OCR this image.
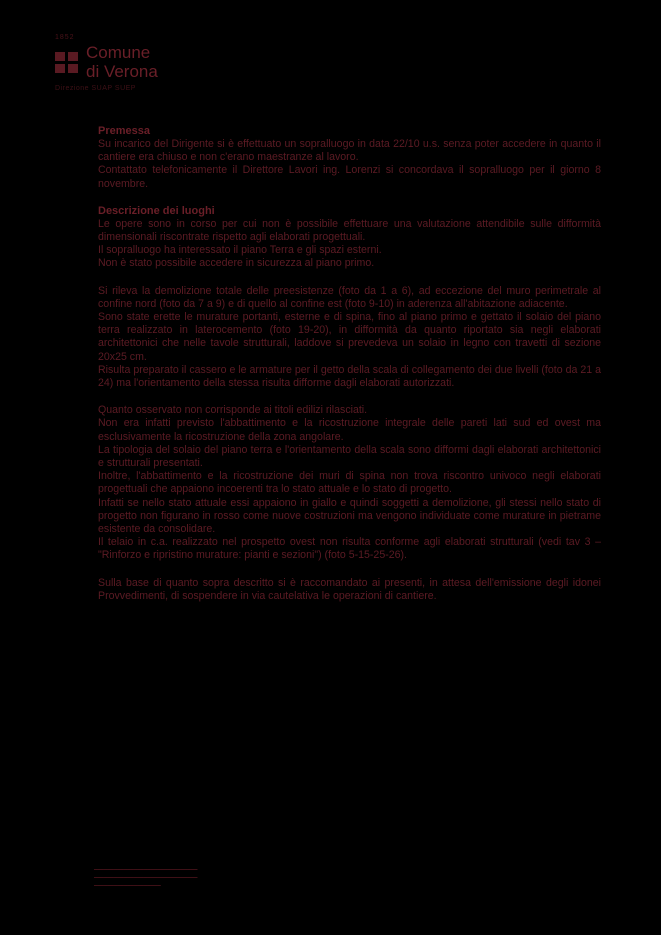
1852
Comune
di Verona
Direzione SUAP SUEP
Premessa

Su incarico del Dirigente si è effettuato un sopralluogo in data 22/10 u.s. senza poter accedere in quanto il cantiere era chiuso e non c'erano maestranze al lavoro.

Contattato telefonicamente il Direttore Lavori ing. Lorenzi si concordava il sopralluogo per il giorno 8 novembre.

Descrizione dei luoghi

Le opere sono in corso per cui non è possibile effettuare una valutazione attendibile sulle difformità dimensionali riscontrate rispetto agli elaborati progettuali.

Il sopralluogo ha interessato il piano Terra e gli spazi esterni.

Non è stato possibile accedere in sicurezza al piano primo.

Si rileva la demolizione totale delle preesistenze (foto da 1 a 6), ad eccezione del muro perimetrale al confine nord (foto da 7 a 9) e di quello al confine est (foto 9-10) in aderenza all'abitazione adiacente.

Sono state erette le murature portanti, esterne e di spina, fino al piano primo e gettato il solaio del piano terra realizzato in laterocemento (foto 19-20), in difformità da quanto riportato sia negli elaborati architettonici che nelle tavole strutturali, laddove si prevedeva un solaio in legno con travetti di sezione 20x25 cm.

Risulta preparato il cassero e le armature per il getto della scala di collegamento dei due livelli (foto da 21 a 24) ma l'orientamento della stessa risulta difforme dagli elaborati autorizzati.

Quanto osservato non corrisponde ai titoli edilizi rilasciati.

Non era infatti previsto l'abbattimento e la ricostruzione integrale delle pareti lati sud ed ovest ma esclusivamente la ricostruzione della zona angolare.

La tipologia del solaio del piano terra e l'orientamento della scala sono difformi dagli elaborati architettonici e strutturali presentati.

Inoltre, l'abbattimento e la ricostruzione dei muri di spina non trova riscontro univoco negli elaborati progettuali che appaiono incoerenti tra lo stato attuale e lo stato di progetto.

Infatti se nello stato attuale essi appaiono in giallo e quindi soggetti a demolizione, gli stessi nello stato di progetto non figurano in rosso come nuove costruzioni ma vengono individuate come murature in pietrame esistente da consolidare.

Il telaio in c.a. realizzato nel prospetto ovest non risulta conforme agli elaborati strutturali (vedi tav 3 – "Rinforzo e ripristino murature: pianti e sezioni") (foto 5-15-25-26).

Sulla base di quanto sopra descritto si è raccomandato ai presenti, in attesa dell'emissione degli idonei Provvedimenti, di sospendere in via cautelativa le operazioni di cantiere.

_______________________________
_______________________________
____________________
